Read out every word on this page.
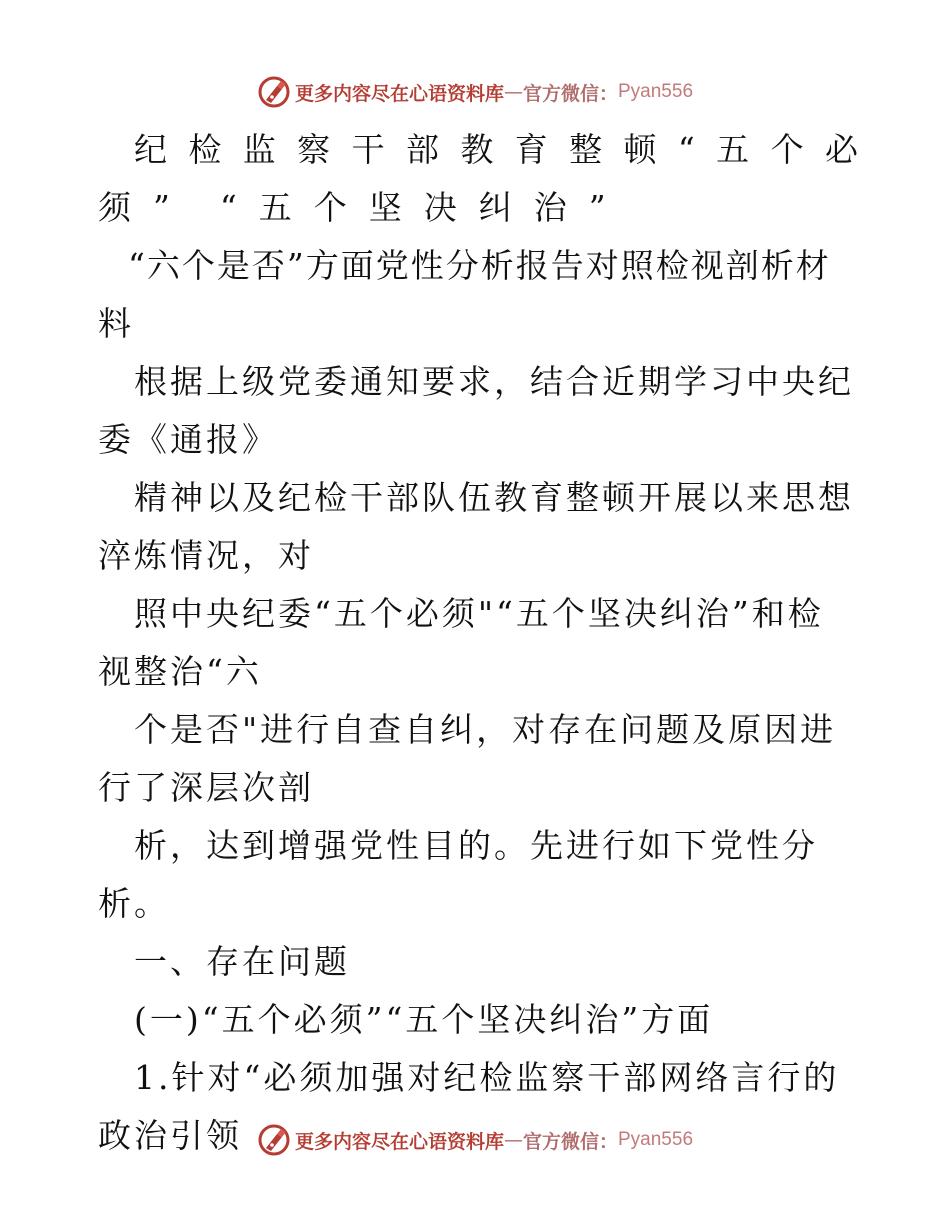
更多内容尽在心语资料库 — 官方微信： Pyan556
纪 检 监 察 干 部 教 育 整 顿 “ 五 个 必
须 ” “ 五 个 坚 决 纠 治 ”

“六个是否”方面党性分析报告对照检视剖析材料

根据上级党委通知要求，结合近期学习中央纪委《通报》

精神以及纪检干部队伍教育整顿开展以来思想淬炼情况，对

照中央纪委“五个必须"“五个坚决纠治”和检视整治“六

个是否"进行自查自纠，对存在问题及原因进行了深层次剖

析，达到增强党性目的。先进行如下党性分析。

一、存在问题

(一)“五个必须”“五个坚决纠治”方面

1.针对“必须加强对纪检监察干部网络言行的政治引领	更多内容尽在心语资料库 — 官方微信： Pyan556
